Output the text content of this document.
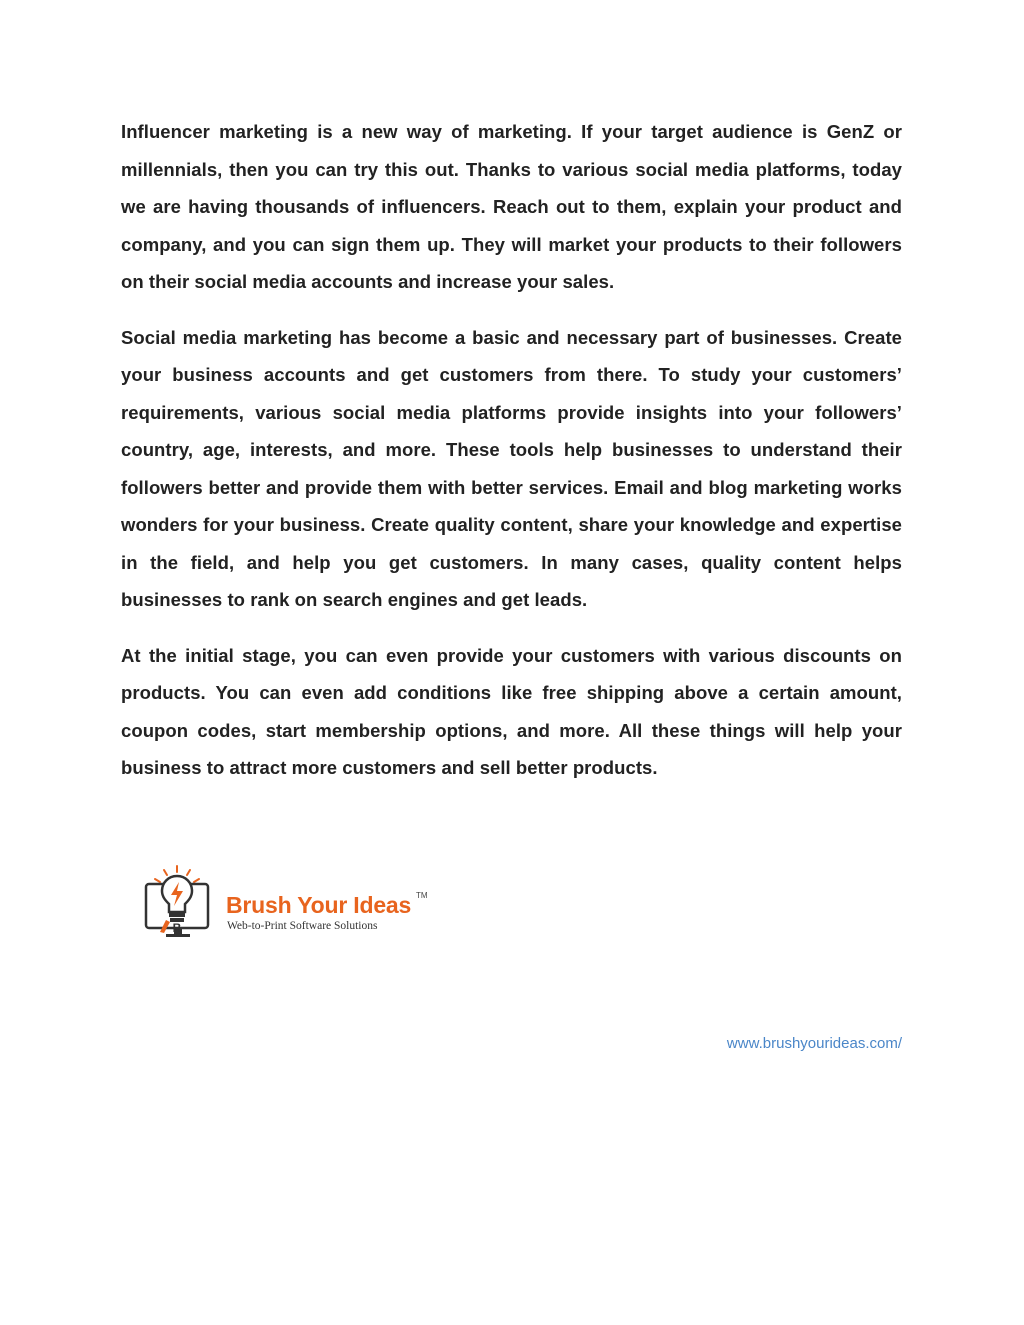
Influencer marketing is a new way of marketing. If your target audience is GenZ or millennials, then you can try this out. Thanks to various social media platforms, today we are having thousands of influencers. Reach out to them, explain your product and company, and you can sign them up. They will market your products to their followers on their social media accounts and increase your sales.

Social media marketing has become a basic and necessary part of businesses. Create your business accounts and get customers from there. To study your customers’ requirements, various social media platforms provide insights into your followers’ country, age, interests, and more. These tools help businesses to understand their followers better and provide them with better services. Email and blog marketing works wonders for your business. Create quality content, share your knowledge and expertise in the field, and help you get customers. In many cases, quality content helps businesses to rank on search engines and get leads.

At the initial stage, you can even provide your customers with various discounts on products. You can even add conditions like free shipping above a certain amount, coupon codes, start membership options, and more. All these things will help your business to attract more customers and sell better products.

B
Brush Your Ideas TM
Web-to-Print Software Solutions
www.brushyourideas.com/
